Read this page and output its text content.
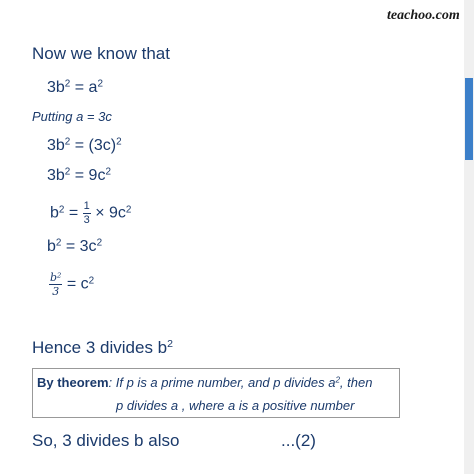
teachoo.com
Now we know that
$3b^2 = a^2$
Putting a = 3c
$3b^2 = (3c)^2$
$3b^2 = 9c^2$
$b^2 = \frac{1}{3} \times 9c^2$
$b^2 = 3c^2$
$\frac{b^2}{3} = c^2$
Hence 3 divides $b^2$
By theorem: If p is a prime number, and p divides $a^2$, then
p divides a , where a is a positive number
So, 3 divides b also	...(2)
